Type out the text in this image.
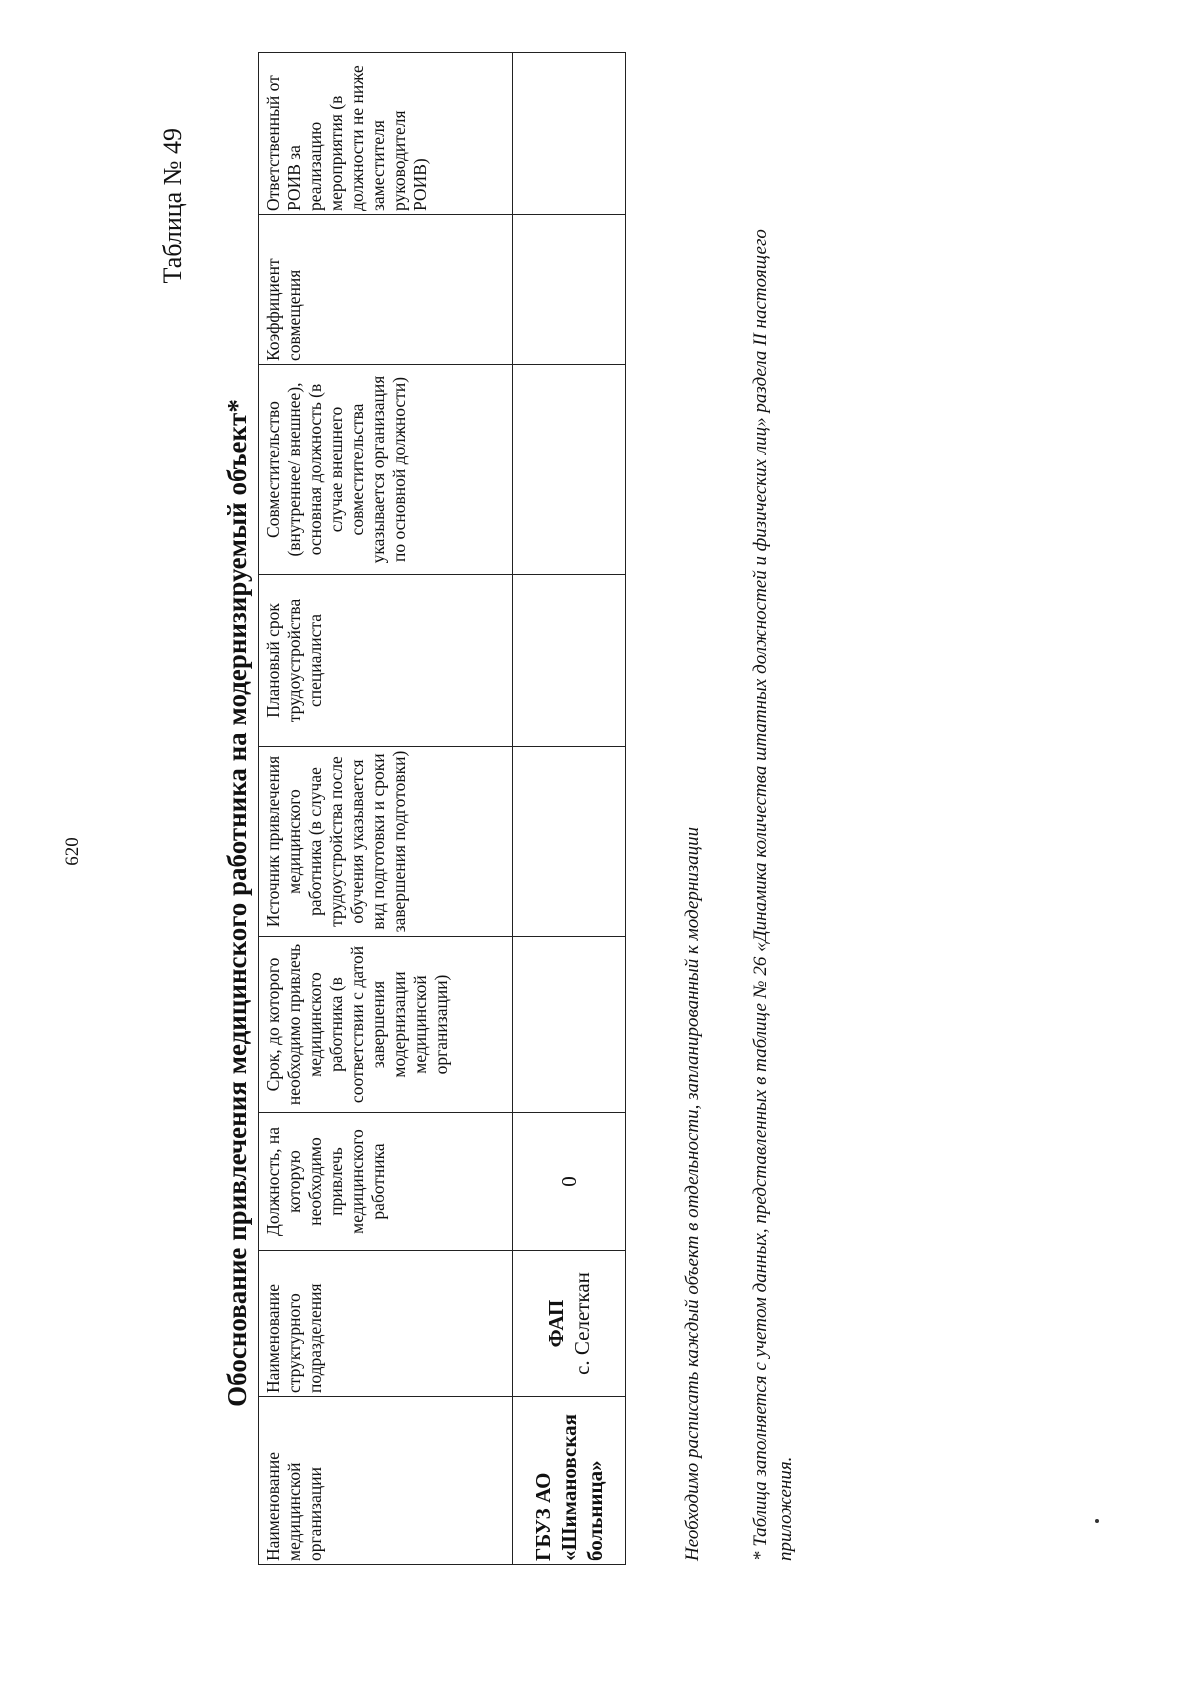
620
Таблица № 49
Обоснование привлечения медицинского работника на модернизируемый объект*
Наименование медицинской организации	Наименование структурного подразделения	Должность, на которую необходимо привлечь медицинского работника	Срок, до которого необходимо привлечь медицинского работника (в соответствии с датой завершения модернизации медицинской организации)	Источник привлечения медицинского работника (в случае трудоустройства после обучения указывается вид подготовки и сроки завершения подготовки)	Плановый срок трудоустройства специалиста	Совместительство (внутреннее/ внешнее), основная должность (в случае внешнего совместительства указывается организация по основной должности)	Коэффициент совмещения	Ответственный от РОИВ за реализацию мероприятия (в должности не ниже заместителя руководителя РОИВ)
ГБУЗ АО «Шимановская больница»	ФАП с. Селеткан	0							Необходимо расписать каждый объект в отдельности, запланированный к модернизации * Таблица заполняется с учетом данных, представленных в таблице № 26 «Динамика количества штатных должностей и физических лиц» раздела II настоящего приложения.
